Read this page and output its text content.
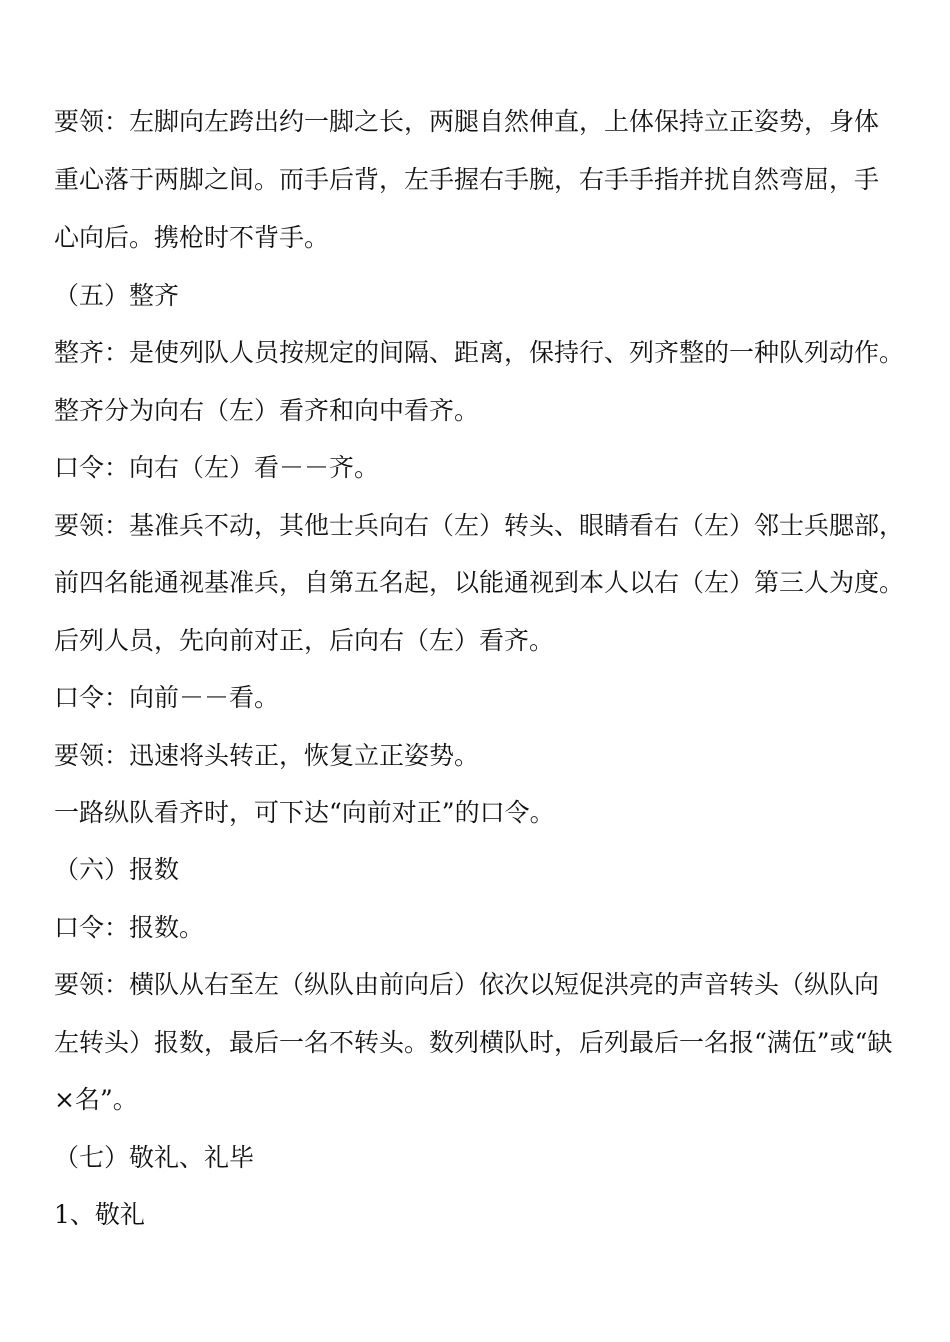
要领：左脚向左跨出约一脚之长，两腿自然伸直，上体保持立正姿势，身体

重心落于两脚之间。而手后背，左手握右手腕，右手手指并扰自然弯屈，手

心向后。携枪时不背手。

（五）整齐

整齐：是使列队人员按规定的间隔、距离，保持行、列齐整的一种队列动作。

整齐分为向右（左）看齐和向中看齐。

口令：向右（左）看－－齐。

要领：基准兵不动，其他士兵向右（左）转头、眼睛看右（左）邻士兵腮部，

前四名能通视基准兵，自第五名起，以能通视到本人以右（左）第三人为度。

后列人员，先向前对正，后向右（左）看齐。

口令：向前－－看。

要领：迅速将头转正，恢复立正姿势。

一路纵队看齐时，可下达“向前对正”的口令。

（六）报数

口令：报数。

要领：横队从右至左（纵队由前向后）依次以短促洪亮的声音转头（纵队向

左转头）报数，最后一名不转头。数列横队时，后列最后一名报“满伍”或“缺

×名”。

（七）敬礼、礼毕

1、敬礼
